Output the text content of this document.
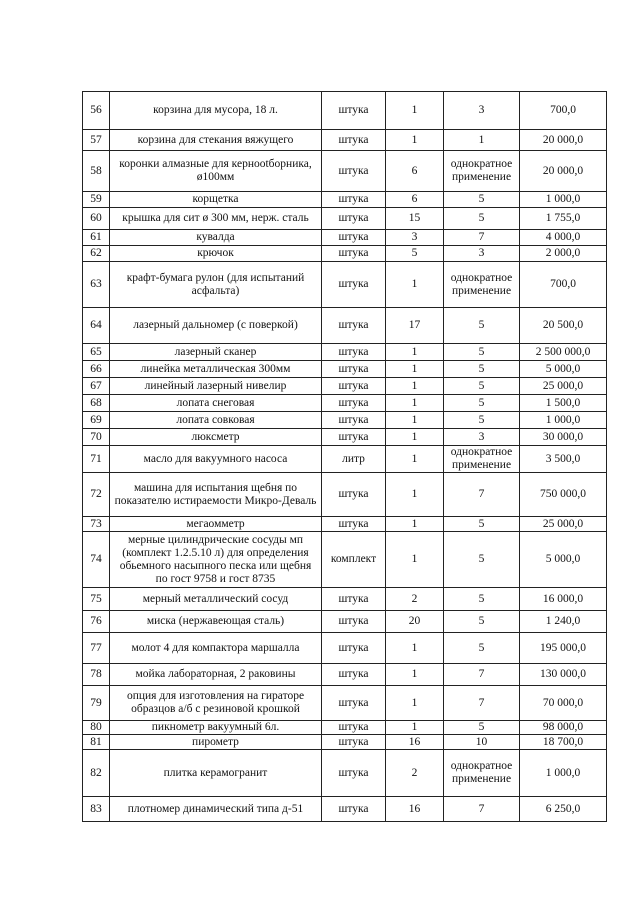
56	корзина для мусора, 18 л.	штука	1	3	700,0
57	корзина для стекания вяжущего	штука	1	1	20 000,0
58	коронки алмазные для кернootборника, ø100мм	штука	6	однократное применение	20 000,0
59	корщетка	штука	6	5	1 000,0
60	крышка для сит ø 300 мм, нерж. сталь	штука	15	5	1 755,0
61	кувалда	штука	3	7	4 000,0
62	крючок	штука	5	3	2 000,0
63	крафт-бумага рулон (для испытаний асфальта)	штука	1	однократное применение	700,0
64	лазерный дальномер (с поверкой)	штука	17	5	20 500,0
65	лазерный сканер	штука	1	5	2 500 000,0
66	линейка металлическая 300мм	штука	1	5	5 000,0
67	линейный лазерный нивелир	штука	1	5	25 000,0
68	лопата снеговая	штука	1	5	1 500,0
69	лопата совковая	штука	1	5	1 000,0
70	люксметр	штука	1	3	30 000,0
71	масло для вакуумного насоса	литр	1	однократное применение	3 500,0
72	машина для испытания щебня по показателю истираемости Микро-Деваль	штука	1	7	750 000,0
73	мегаомметр	штука	1	5	25 000,0
74	мерные цилиндрические сосуды мп (комплект 1.2.5.10 л) для определения обьемного насыпного песка или щебня по гост 9758 и гост 8735	комплект	1	5	5 000,0
75	мерный металлический сосуд	штука	2	5	16 000,0
76	миска (нержавеющая сталь)	штука	20	5	1 240,0
77	молот 4 для компактора маршалла	штука	1	5	195 000,0
78	мойка лабораторная, 2 раковины	штука	1	7	130 000,0
79	опция для изготовления на гираторе образцов а/б с резиновой крошкой	штука	1	7	70 000,0
80	пикнометр вакуумный 6л.	штука	1	5	98 000,0
81	пирометр	штука	16	10	18 700,0
82	плитка керамогранит	штука	2	однократное применение	1 000,0
83	плотномер динамический типа д-51	штука	16	7	6 250,0
